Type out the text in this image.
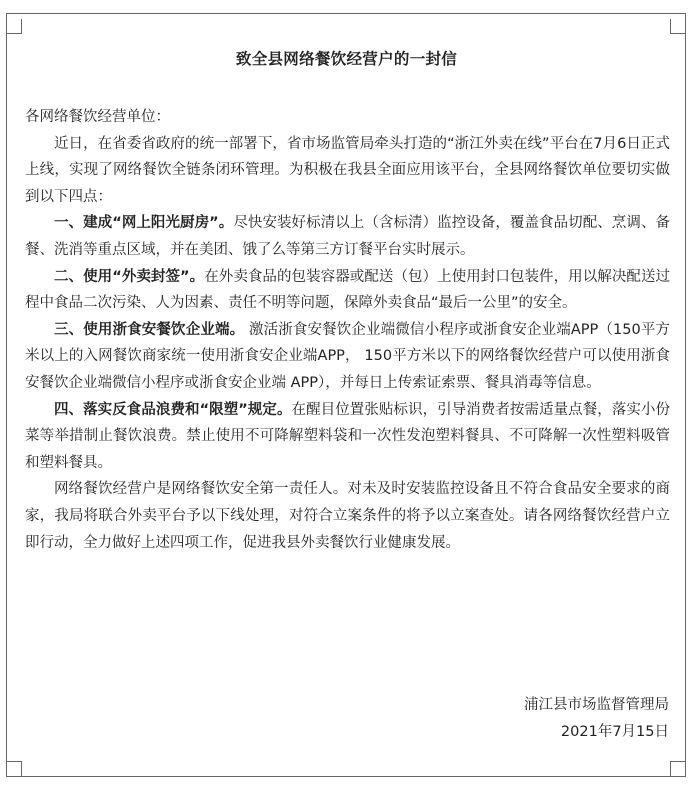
致全县网络餐饮经营户的一封信

各网络餐饮经营单位：

近日，在省委省政府的统一部署下，省市场监管局牵头打造的“浙江外卖在线”平台在7月6日正式上线，实现了网络餐饮全链条闭环管理。为积极在我县全面应用该平台，全县网络餐饮单位要切实做到以下四点：

一、建成“网上阳光厨房”。尽快安装好标清以上（含标清）监控设备，覆盖食品切配、烹调、备餐、洗消等重点区域，并在美团、饿了么等第三方订餐平台实时展示。

二、使用“外卖封签”。在外卖食品的包装容器或配送（包）上使用封口包装件，用以解决配送过程中食品二次污染、人为因素、责任不明等问题，保障外卖食品“最后一公里”的安全。

三、使用浙食安餐饮企业端。 激活浙食安餐饮企业端微信小程序或浙食安企业端APP（150平方米以上的入网餐饮商家统一使用浙食安企业端APP， 150平方米以下的网络餐饮经营户可以使用浙食安餐饮企业端微信小程序或浙食安企业端 APP），并每日上传索证索票、餐具消毒等信息。

四、落实反食品浪费和“限塑”规定。在醒目位置张贴标识，引导消费者按需适量点餐，落实小份菜等举措制止餐饮浪费。禁止使用不可降解塑料袋和一次性发泡塑料餐具、不可降解一次性塑料吸管和塑料餐具。

网络餐饮经营户是网络餐饮安全第一责任人。对未及时安装监控设备且不符合食品安全要求的商家，我局将联合外卖平台予以下线处理，对符合立案条件的将予以立案查处。请各网络餐饮经营户立即行动，全力做好上述四项工作，促进我县外卖餐饮行业健康发展。

浦江县市场监督管理局
2021年7月15日
